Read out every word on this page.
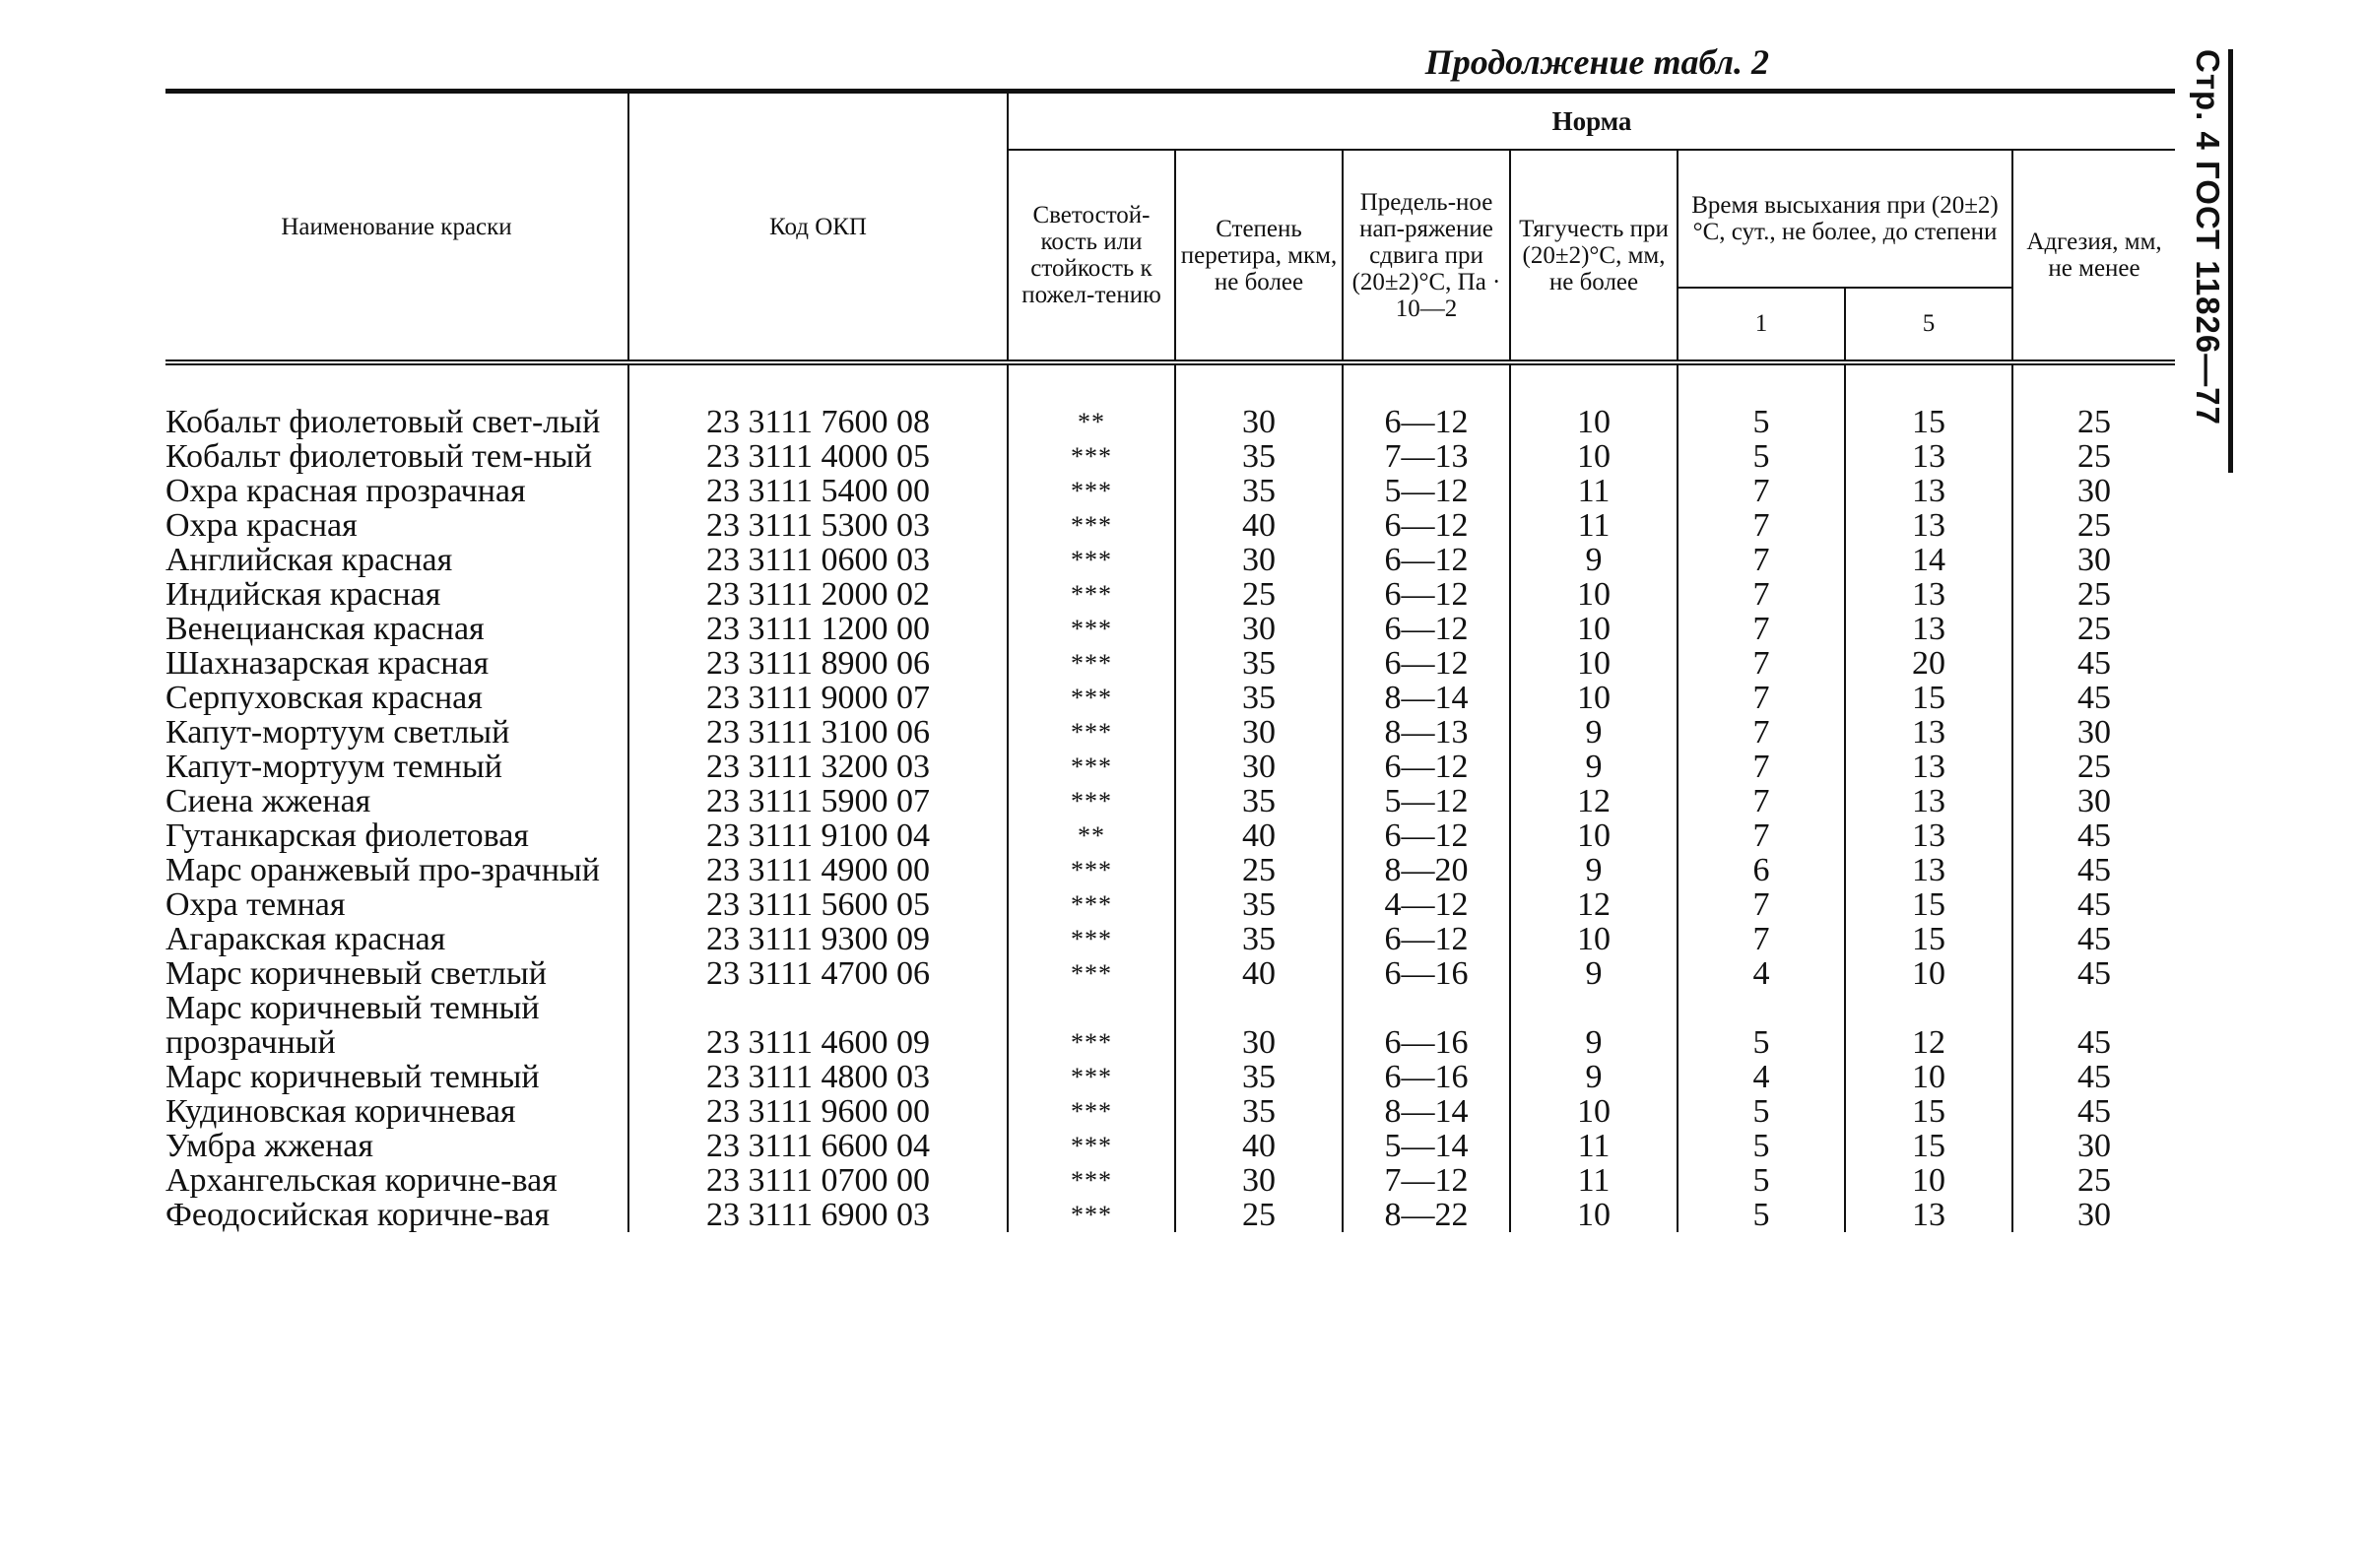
Продолжение табл. 2	Стр. 4 ГОСТ 11826—77
Наименование краски	Код ОКП	Норма						
		Светостой-кость или стойкость к пожел-тению	Степень перетира, мкм, не более	Предель-ное нап-ряжение сдвига при (20±2)°C, Па · 10—2	Тягучесть при (20±2)°C, мм, не более	Время высыхания при (20±2)°C, сут., не более, до степени		Адгезия, мм, не менее
						1	5	
Кобальт фиолетовый свет-лый	23 3111 7600 08	**	30	6—12	10	5	15	25
Кобальт фиолетовый тем-ный	23 3111 4000 05	***	35	7—13	10	5	13	25
Охра красная прозрачная	23 3111 5400 00	***	35	5—12	11	7	13	30
Охра красная	23 3111 5300 03	***	40	6—12	11	7	13	25
Английская красная	23 3111 0600 03	***	30	6—12	9	7	14	30
Индийская красная	23 3111 2000 02	***	25	6—12	10	7	13	25
Венецианская красная	23 3111 1200 00	***	30	6—12	10	7	13	25
Шахназарская красная	23 3111 8900 06	***	35	6—12	10	7	20	45
Серпуховская красная	23 3111 9000 07	***	35	8—14	10	7	15	45
Капут-мортуум светлый	23 3111 3100 06	***	30	8—13	9	7	13	30
Капут-мортуум темный	23 3111 3200 03	***	30	6—12	9	7	13	25
Сиена жженая	23 3111 5900 07	***	35	5—12	12	7	13	30
Гутанкарская фиолетовая	23 3111 9100 04	**	40	6—12	10	7	13	45
Марс оранжевый про-зрачный	23 3111 4900 00	***	25	8—20	9	6	13	45
Охра темная	23 3111 5600 05	***	35	4—12	12	7	15	45
Агаракская красная	23 3111 9300 09	***	35	6—12	10	7	15	45
Марс коричневый светлый	23 3111 4700 06	***	40	6—16	9	4	10	45
Марс коричневый темный прозрачный	23 3111 4600 09	***	30	6—16	9	5	12	45
Марс коричневый темный	23 3111 4800 03	***	35	6—16	9	4	10	45
Кудиновская коричневая	23 3111 9600 00	***	35	8—14	10	5	15	45
Умбра жженая	23 3111 6600 04	***	40	5—14	11	5	15	30
Архангельская коричне-вая	23 3111 0700 00	***	30	7—12	11	5	10	25
Феодосийская коричне-вая	23 3111 6900 03	***	25	8—22	10	5	13	30
